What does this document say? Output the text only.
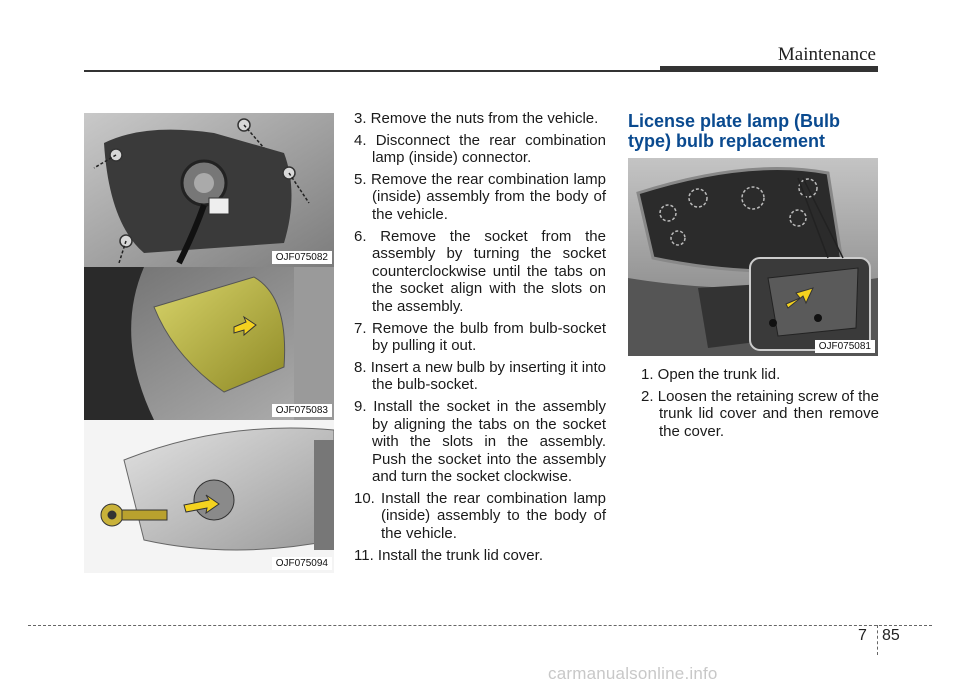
Maintenance
OJF075082
OJF075083
OJF075094
3. Remove the nuts from the vehicle.
4. Disconnect the rear combination lamp (inside) connector.
5. Remove the rear combination lamp (inside) assembly from the body of the vehicle.
6. Remove the socket from the assembly by turning the socket counterclockwise until the tabs on the socket align with the slots on the assembly.
7. Remove the bulb from bulb-socket by pulling it out.
8. Insert a new bulb by inserting it into the bulb-socket.
9. Install the socket in the assembly by aligning the tabs on the socket with the slots in the assembly. Push the socket into the assembly and turn the socket clockwise.
10. Install the rear combination lamp (inside) assembly to the body of the vehicle.
11. Install the trunk lid cover.
License plate lamp (Bulb type) bulb replacement
OJF075081
1. Open the trunk lid.
2. Loosen the retaining screw of the trunk lid cover and then remove the cover.
7 85
carmanualsonline.info
